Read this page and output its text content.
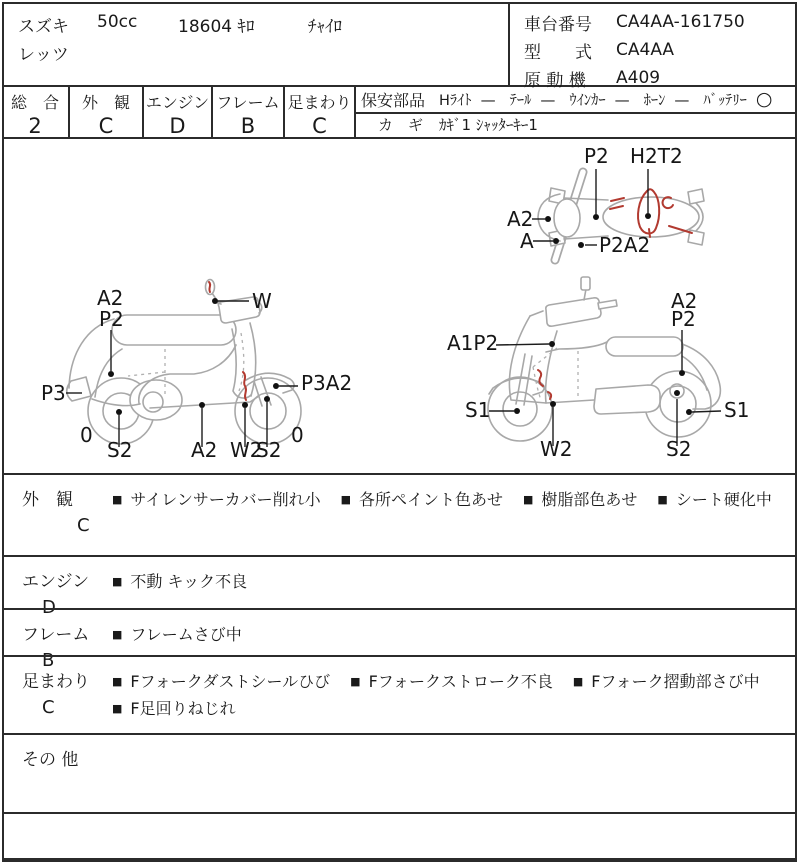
スズキ 50cc 18604 ｷﾛ	ﾁｬｲﾛ
レッツ
車台番号	CA4AA-161750
型　　式	CA4AA
原 動 機	A409
総　合
2
外　観
C
エンジン
D
フレーム
B
足まわり
C
保安部品 Hﾗｲﾄ — ﾃｰﾙ — ｳｲﾝｶｰ — ﾎｰﾝ — ﾊﾞｯﾃﾘｰ ○
カ　ギ ｶｷﾞ1 ｼｬｯﾀｰｷｰ1
P2 H2T2
A2
A	P2A2
A2
P2
W
P3	P3A2
0
S2	A2 W2
S2
0
A1P2
A2
P2
S1
W2	S2
S1
外　観
C
■ サイレンサーカバー削れ小 ■ 各所ペイント色あせ ■ 樹脂部色あせ ■ シート硬化中
エンジン
D
■ 不動 キック不良
フレーム
B
■ フレームさび中
足まわり
C
■ Fフォークダストシールひび ■ Fフォークストローク不良 ■ Fフォーク摺動部さび中
■ F足回りねじれ
その 他
